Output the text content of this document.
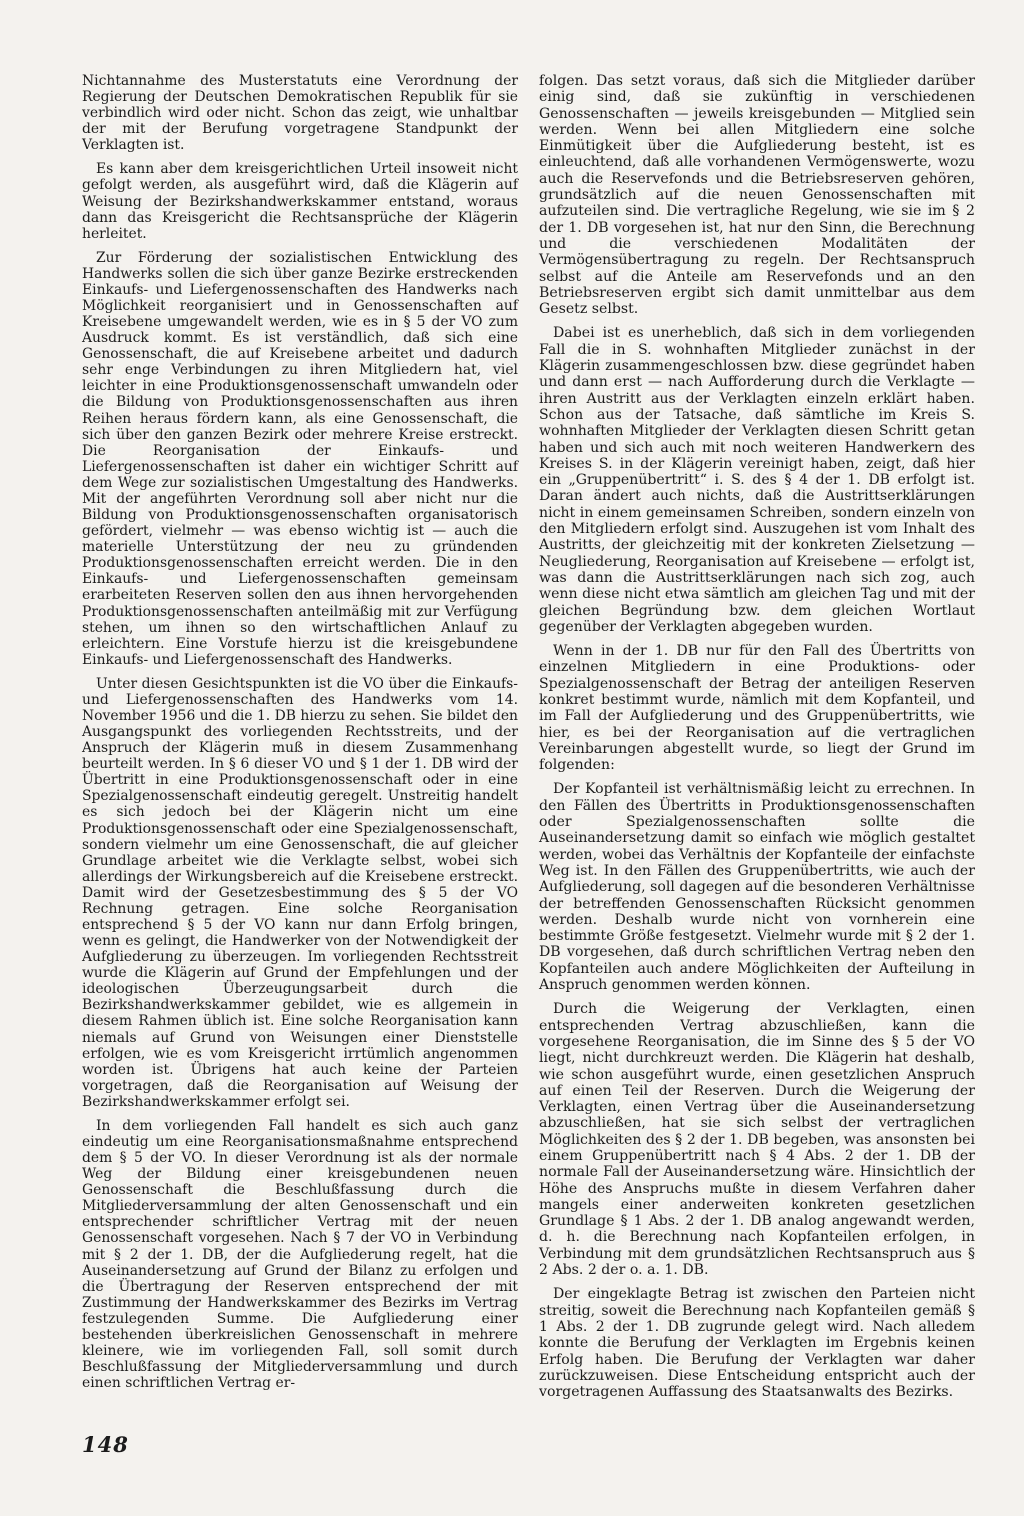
Nichtannahme des Musterstatuts eine Verordnung der Regierung der Deutschen Demokratischen Republik für sie verbindlich wird oder nicht. Schon das zeigt, wie unhaltbar der mit der Berufung vorgetragene Standpunkt der Verklagten ist.

Es kann aber dem kreisgerichtlichen Urteil insoweit nicht gefolgt werden, als ausgeführt wird, daß die Klägerin auf Weisung der Bezirkshandwerkskammer entstand, woraus dann das Kreisgericht die Rechtsansprüche der Klägerin herleitet.

Zur Förderung der sozialistischen Entwicklung des Handwerks sollen die sich über ganze Bezirke erstreckenden Einkaufs- und Liefergenossenschaften des Handwerks nach Möglichkeit reorganisiert und in Genossenschaften auf Kreisebene umgewandelt werden, wie es in § 5 der VO zum Ausdruck kommt. Es ist verständlich, daß sich eine Genossenschaft, die auf Kreisebene arbeitet und dadurch sehr enge Verbindungen zu ihren Mitgliedern hat, viel leichter in eine Produktionsgenossenschaft umwandeln oder die Bildung von Produktionsgenossenschaften aus ihren Reihen heraus fördern kann, als eine Genossenschaft, die sich über den ganzen Bezirk oder mehrere Kreise erstreckt. Die Reorganisation der Einkaufs- und Liefergenossenschaften ist daher ein wichtiger Schritt auf dem Wege zur sozialistischen Umgestaltung des Handwerks. Mit der angeführten Verordnung soll aber nicht nur die Bildung von Produktionsgenossenschaften organisatorisch gefördert, vielmehr — was ebenso wichtig ist — auch die materielle Unterstützung der neu zu gründenden Produktionsgenossenschaften erreicht werden. Die in den Einkaufs- und Liefergenossenschaften gemeinsam erarbeiteten Reserven sollen den aus ihnen hervorgehenden Produktionsgenossenschaften anteilmäßig mit zur Verfügung stehen, um ihnen so den wirtschaftlichen Anlauf zu erleichtern. Eine Vorstufe hierzu ist die kreisgebundene Einkaufs- und Liefergenossenschaft des Handwerks.

Unter diesen Gesichtspunkten ist die VO über die Einkaufs- und Liefergenossenschaften des Handwerks vom 14. November 1956 und die 1. DB hierzu zu sehen. Sie bildet den Ausgangspunkt des vorliegenden Rechtsstreits, und der Anspruch der Klägerin muß in diesem Zusammenhang beurteilt werden. In § 6 dieser VO und § 1 der 1. DB wird der Übertritt in eine Produktionsgenossenschaft oder in eine Spezialgenossenschaft eindeutig geregelt. Unstreitig handelt es sich jedoch bei der Klägerin nicht um eine Produktionsgenossenschaft oder eine Spezialgenossenschaft, sondern vielmehr um eine Genossenschaft, die auf gleicher Grundlage arbeitet wie die Verklagte selbst, wobei sich allerdings der Wirkungsbereich auf die Kreisebene erstreckt. Damit wird der Gesetzesbestimmung des § 5 der VO Rechnung getragen. Eine solche Reorganisation entsprechend § 5 der VO kann nur dann Erfolg bringen, wenn es gelingt, die Handwerker von der Notwendigkeit der Aufgliederung zu überzeugen. Im vorliegenden Rechtsstreit wurde die Klägerin auf Grund der Empfehlungen und der ideologischen Überzeugungsarbeit durch die Bezirkshandwerkskammer gebildet, wie es allgemein in diesem Rahmen üblich ist. Eine solche Reorganisation kann niemals auf Grund von Weisungen einer Dienststelle erfolgen, wie es vom Kreisgericht irrtümlich angenommen worden ist. Übrigens hat auch keine der Parteien vorgetragen, daß die Reorganisation auf Weisung der Bezirkshandwerkskammer erfolgt sei.

In dem vorliegenden Fall handelt es sich auch ganz eindeutig um eine Reorganisationsmaßnahme entsprechend dem § 5 der VO. In dieser Verordnung ist als der normale Weg der Bildung einer kreisgebundenen neuen Genossenschaft die Beschlußfassung durch die Mitgliederversammlung der alten Genossenschaft und ein entsprechender schriftlicher Vertrag mit der neuen Genossenschaft vorgesehen. Nach § 7 der VO in Verbindung mit § 2 der 1. DB, der die Aufgliederung regelt, hat die Auseinandersetzung auf Grund der Bilanz zu erfolgen und die Übertragung der Reserven entsprechend der mit Zustimmung der Handwerkskammer des Bezirks im Vertrag festzulegenden Summe. Die Aufgliederung einer bestehenden überkreislichen Genossenschaft in mehrere kleinere, wie im vorliegenden Fall, soll somit durch Beschlußfassung der Mitgliederversammlung und durch einen schriftlichen Vertrag er-

folgen. Das setzt voraus, daß sich die Mitglieder darüber einig sind, daß sie zukünftig in verschiedenen Genossenschaften — jeweils kreisgebunden — Mitglied sein werden. Wenn bei allen Mitgliedern eine solche Einmütigkeit über die Aufgliederung besteht, ist es einleuchtend, daß alle vorhandenen Vermögenswerte, wozu auch die Reservefonds und die Betriebsreserven gehören, grundsätzlich auf die neuen Genossenschaften mit aufzuteilen sind. Die vertragliche Regelung, wie sie im § 2 der 1. DB vorgesehen ist, hat nur den Sinn, die Berechnung und die verschiedenen Modalitäten der Vermögensübertragung zu regeln. Der Rechtsanspruch selbst auf die Anteile am Reservefonds und an den Betriebsreserven ergibt sich damit unmittelbar aus dem Gesetz selbst.

Dabei ist es unerheblich, daß sich in dem vorliegenden Fall die in S. wohnhaften Mitglieder zunächst in der Klägerin zusammengeschlossen bzw. diese gegründet haben und dann erst — nach Aufforderung durch die Verklagte — ihren Austritt aus der Verklagten einzeln erklärt haben. Schon aus der Tatsache, daß sämtliche im Kreis S. wohnhaften Mitglieder der Verklagten diesen Schritt getan haben und sich auch mit noch weiteren Handwerkern des Kreises S. in der Klägerin vereinigt haben, zeigt, daß hier ein „Gruppenübertritt“ i. S. des § 4 der 1. DB erfolgt ist. Daran ändert auch nichts, daß die Austrittserklärungen nicht in einem gemeinsamen Schreiben, sondern einzeln von den Mitgliedern erfolgt sind. Auszugehen ist vom Inhalt des Austritts, der gleichzeitig mit der konkreten Zielsetzung — Neugliederung, Reorganisation auf Kreisebene — erfolgt ist, was dann die Austrittserklärungen nach sich zog, auch wenn diese nicht etwa sämtlich am gleichen Tag und mit der gleichen Begründung bzw. dem gleichen Wortlaut gegenüber der Verklagten abgegeben wurden.

Wenn in der 1. DB nur für den Fall des Übertritts von einzelnen Mitgliedern in eine Produktions- oder Spezialgenossenschaft der Betrag der anteiligen Reserven konkret bestimmt wurde, nämlich mit dem Kopfanteil, und im Fall der Aufgliederung und des Gruppenübertritts, wie hier, es bei der Reorganisation auf die vertraglichen Vereinbarungen abgestellt wurde, so liegt der Grund im folgenden:

Der Kopfanteil ist verhältnismäßig leicht zu errechnen. In den Fällen des Übertritts in Produktionsgenossenschaften oder Spezialgenossenschaften sollte die Auseinandersetzung damit so einfach wie möglich gestaltet werden, wobei das Verhältnis der Kopfanteile der einfachste Weg ist. In den Fällen des Gruppenübertritts, wie auch der Aufgliederung, soll dagegen auf die besonderen Verhältnisse der betreffenden Genossenschaften Rücksicht genommen werden. Deshalb wurde nicht von vornherein eine bestimmte Größe festgesetzt. Vielmehr wurde mit § 2 der 1. DB vorgesehen, daß durch schriftlichen Vertrag neben den Kopfanteilen auch andere Möglichkeiten der Aufteilung in Anspruch genommen werden können.

Durch die Weigerung der Verklagten, einen entsprechenden Vertrag abzuschließen, kann die vorgesehene Reorganisation, die im Sinne des § 5 der VO liegt, nicht durchkreuzt werden. Die Klägerin hat deshalb, wie schon ausgeführt wurde, einen gesetzlichen Anspruch auf einen Teil der Reserven. Durch die Weigerung der Verklagten, einen Vertrag über die Auseinandersetzung abzuschließen, hat sie sich selbst der vertraglichen Möglichkeiten des § 2 der 1. DB begeben, was ansonsten bei einem Gruppenübertritt nach § 4 Abs. 2 der 1. DB der normale Fall der Auseinandersetzung wäre. Hinsichtlich der Höhe des Anspruchs mußte in diesem Verfahren daher mangels einer anderweiten konkreten gesetzlichen Grundlage § 1 Abs. 2 der 1. DB analog angewandt werden, d. h. die Berechnung nach Kopfanteilen erfolgen, in Verbindung mit dem grundsätzlichen Rechtsanspruch aus § 2 Abs. 2 der o. a. 1. DB.

Der eingeklagte Betrag ist zwischen den Parteien nicht streitig, soweit die Berechnung nach Kopfanteilen gemäß § 1 Abs. 2 der 1. DB zugrunde gelegt wird. Nach alledem konnte die Berufung der Verklagten im Ergebnis keinen Erfolg haben. Die Berufung der Verklagten war daher zurückzuweisen. Diese Entscheidung entspricht auch der vorgetragenen Auffassung des Staatsanwalts des Bezirks.

148
